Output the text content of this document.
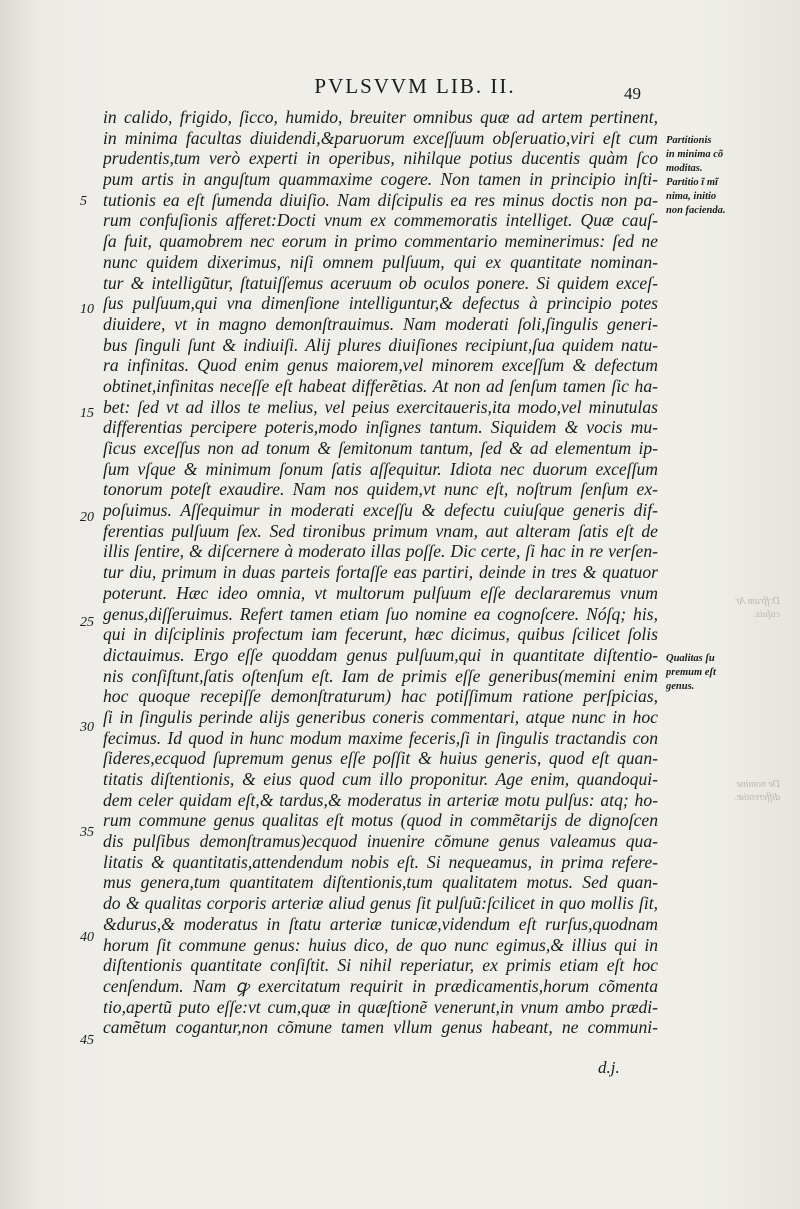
PVLSVVM LIB. II.	49
in calido, frigido, ſicco, humido, breuiter omnibus quæ ad artem pertinent,
in minima facultas diuidendi,&paruorum exceſſuum obſeruatio,viri eſt cum
prudentis,tum verò experti in operibus, nihilque potius ducentis quàm ſco
pum artis in anguſtum quammaxime cogere. Non tamen in principio inſti-
tutionis ea eſt ſumenda diuiſio. Nam diſcipulis ea res minus doctis non pa-
rum confuſionis afferet:Docti vnum ex commemoratis intelliget. Quæ cauſ-
ſa fuit, quamobrem nec eorum in primo commentario meminerimus: ſed ne
nunc quidem dixerimus, niſi omnem pulſuum, qui ex quantitate nominan-
tur & intelligũtur, ſtatuiſſemus aceruum ob oculos ponere. Si quidem exceſ-
ſus pulſuum,qui vna dimenſione intelliguntur,& defectus à principio potes
diuidere, vt in magno demonſtrauimus. Nam moderati ſoli,ſingulis generi-
bus ſinguli ſunt & indiuiſi. Alij plures diuiſiones recipiunt,ſua quidem natu-
ra infinitas. Quod enim genus maiorem,vel minorem exceſſum & defectum
obtinet,infinitas neceſſe eſt habeat differẽtias. At non ad ſenſum tamen ſic ha-
bet: ſed vt ad illos te melius, vel peius exercitaueris,ita modo,vel minutulas
differentias percipere poteris,modo inſignes tantum. Siquidem & vocis mu-
ſicus exceſſus non ad tonum & ſemitonum tantum, ſed & ad elementum ip-
ſum vſque & minimum ſonum ſatis aſſequitur. Idiota nec duorum exceſſum
tonorum poteſt exaudire. Nam nos quidem,vt nunc eſt, noſtrum ſenſum ex-
poſuimus. Aſſequimur in moderati exceſſu & defectu cuiuſque generis dif-
ferentias pulſuum ſex. Sed tironibus primum vnam, aut alteram ſatis eſt de
illis ſentire, & diſcernere à moderato illas poſſe. Dic certe, ſi hac in re verſen-
tur diu, primum in duas parteis fortaſſe eas partiri, deinde in tres & quatuor
poterunt. Hæc ideo omnia, vt multorum pulſuum eſſe declararemus vnum
genus,diſſeruimus. Refert tamen etiam ſuo nomine ea cognoſcere. Nóſq; his,
qui in diſciplinis profectum iam fecerunt, hæc dicimus, quibus ſcilicet ſolis
dictauimus. Ergo eſſe quoddam genus pulſuum,qui in quantitate diſtentio-
nis conſiſtunt,ſatis oſtenſum eſt. Iam de primis eſſe generibus(memini enim
hoc quoque recepiſſe demonſtraturum) hac potiſſimum ratione perſpicias,
ſi in ſingulis perinde alijs generibus coneris commentari, atque nunc in hoc
fecimus. Id quod in hunc modum maxime feceris,ſi in ſingulis tractandis con
ſideres,ecquod ſupremum genus eſſe poſſit & huius generis, quod eſt quan-
titatis diſtentionis, & eius quod cum illo proponitur. Age enim, quandoqui-
dem celer quidam eſt,& tardus,& moderatus in arteriæ motu pulſus: atq; ho-
rum commune genus qualitas eſt motus (quod in commẽtarijs de dignoſcen
dis pulſibus demonſtramus)ecquod inuenire cõmune genus valeamus qua-
litatis & quantitatis,attendendum nobis eſt. Si nequeamus, in prima refere-
mus genera,tum quantitatem diſtentionis,tum qualitatem motus. Sed quan-
do & qualitas corporis arteriæ aliud genus ſit pulſuũ:ſcilicet in quo mollis ſit,
&durus,& moderatus in ſtatu arteriæ tunicæ,videndum eſt rurſus,quodnam
horum ſit commune genus: huius dico, de quo nunc egimus,& illius qui in
diſtentionis quantitate conſiſtit. Si nihil reperiatur, ex primis etiam eſt hoc
cenſendum. Nam ꝙ exercitatum requirit in prædicamentis,horum cõmenta
tio,apertũ puto eſſe:vt cum,quæ in quæſtionẽ venerunt,in vnum ambo prædi-
camẽtum cogantur,non cõmune tamen vllum genus habeant, ne communi-
5
10
15
20
25
30
35
40
45
Partitionis
in minima cõ
moditas.
Partitio ĩ mĩ
nima, initio
non facienda.
Qualitas ſu
premum eſt
genus.
D:ffrum Ar
cuſuis.
De nomine
differentiæ.
d.j.
